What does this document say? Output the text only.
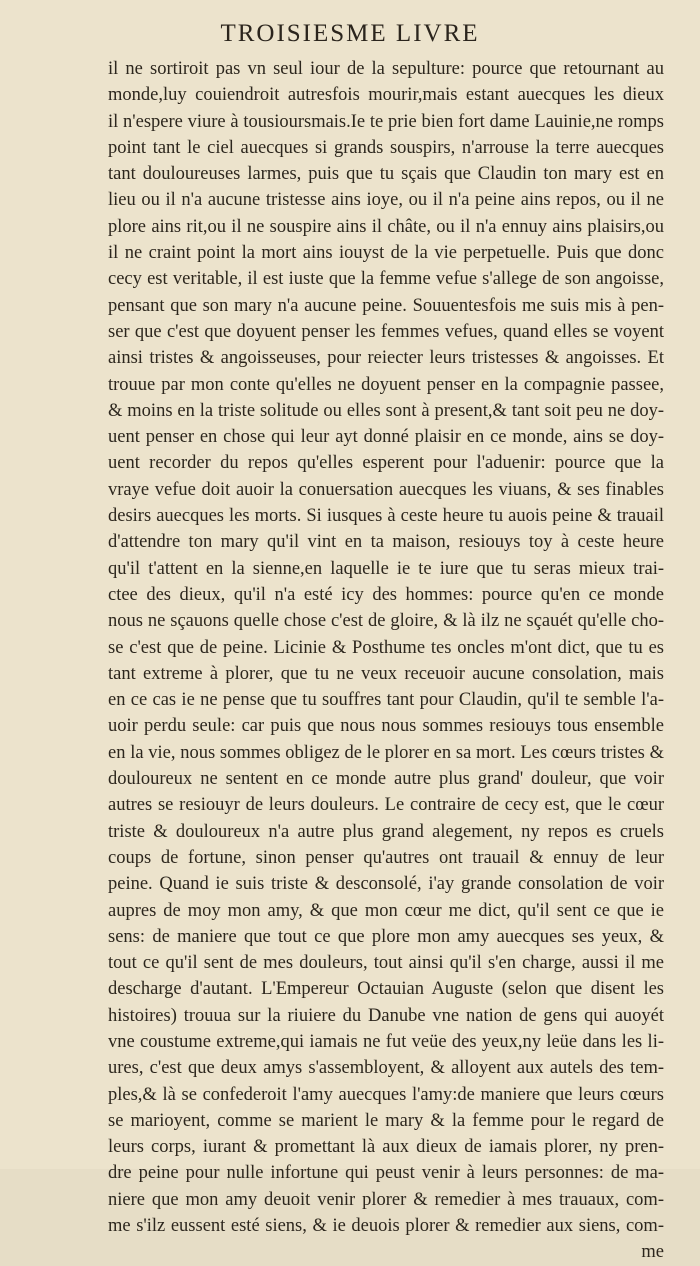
TROISIESME LIVRE
il ne sortiroit pas vn seul iour de la sepulture: pource que retournant au
monde,luy couiendroit autresfois mourir,mais estant auecques les dieux
il n'espere viure à tousioursmais.Ie te prie bien fort dame Lauinie,ne romps
point tant le ciel auecques si grands souspirs, n'arrouse la terre auecques
tant douloureuses larmes, puis que tu sçais que Claudin ton mary est en
lieu ou il n'a aucune tristesse ains ioye, ou il n'a peine ains repos, ou il ne
plore ains rit,ou il ne souspire ains il châte, ou il n'a ennuy ains plaisirs,ou
il ne craint point la mort ains iouyst de la vie perpetuelle. Puis que donc
cecy est veritable, il est iuste que la femme vefue s'allege de son angoisse,
pensant que son mary n'a aucune peine. Souuentesfois me suis mis à pen-
ser que c'est que doyuent penser les femmes vefues, quand elles se voyent
ainsi tristes & angoisseuses, pour reiecter leurs tristesses & angoisses. Et
trouue par mon conte qu'elles ne doyuent penser en la compagnie passee,
& moins en la triste solitude ou elles sont à present,& tant soit peu ne doy-
uent penser en chose qui leur ayt donné plaisir en ce monde, ains se doy-
uent recorder du repos qu'elles esperent pour l'aduenir: pource que la
vraye vefue doit auoir la conuersation auecques les viuans, & ses finables
desirs auecques les morts. Si iusques à ceste heure tu auois peine & trauail
d'attendre ton mary qu'il vint en ta maison, resiouys toy à ceste heure
qu'il t'attent en la sienne,en laquelle ie te iure que tu seras mieux trai-
ctee des dieux, qu'il n'a esté icy des hommes: pource qu'en ce monde
nous ne sçauons quelle chose c'est de gloire, & là ilz ne sçauét qu'elle cho-
se c'est que de peine. Licinie & Posthume tes oncles m'ont dict, que tu es
tant extreme à plorer, que tu ne veux receuoir aucune consolation, mais
en ce cas ie ne pense que tu souffres tant pour Claudin, qu'il te semble l'a-
uoir perdu seule: car puis que nous nous sommes resiouys tous ensemble
en la vie, nous sommes obligez de le plorer en sa mort. Les cœurs tristes &
douloureux ne sentent en ce monde autre plus grand' douleur, que voir
autres se resiouyr de leurs douleurs. Le contraire de cecy est, que le cœur
triste & douloureux n'a autre plus grand alegement, ny repos es cruels
coups de fortune, sinon penser qu'autres ont trauail & ennuy de leur
peine. Quand ie suis triste & desconsolé, i'ay grande consolation de voir
aupres de moy mon amy, & que mon cœur me dict, qu'il sent ce que ie
sens: de maniere que tout ce que plore mon amy auecques ses yeux, &
tout ce qu'il sent de mes douleurs, tout ainsi qu'il s'en charge, aussi il me
descharge d'autant. L'Empereur Octauian Auguste (selon que disent les
histoires) trouua sur la riuiere du Danube vne nation de gens qui auoyét
vne coustume extreme,qui iamais ne fut veüe des yeux,ny leüe dans les li-
ures, c'est que deux amys s'assembloyent, & alloyent aux autels des tem-
ples,& là se confederoit l'amy auecques l'amy:de maniere que leurs cœurs
se marioyent, comme se marient le mary & la femme pour le regard de
leurs corps, iurant & promettant là aux dieux de iamais plorer, ny pren-
dre peine pour nulle infortune qui peust venir à leurs personnes: de ma-
niere que mon amy deuoit venir plorer & remedier à mes trauaux, com-
me s'ilz eussent esté siens, & ie deuois plorer & remedier aux siens, com-
me
